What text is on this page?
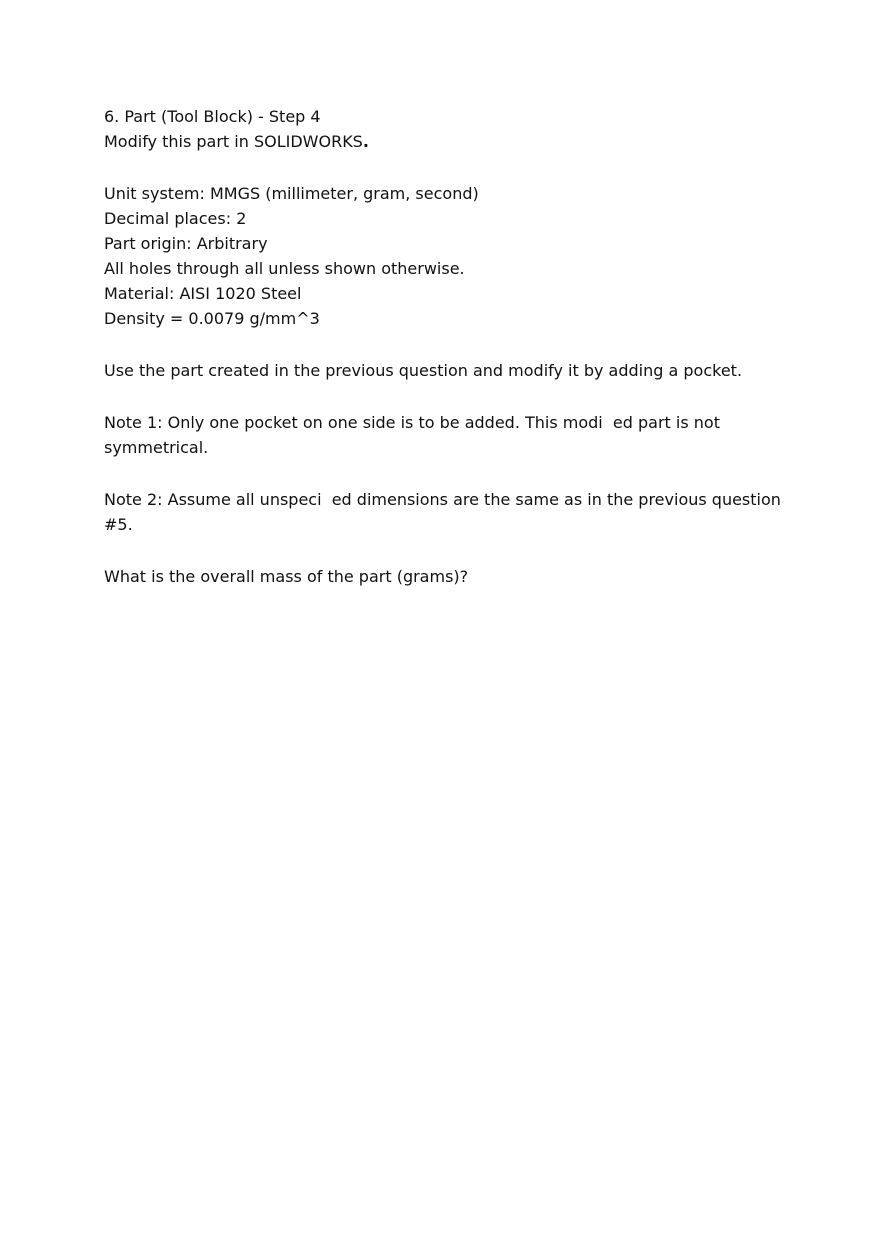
6. Part (Tool Block) - Step 4
Modify this part in SOLIDWORKS.
Unit system: MMGS (millimeter, gram, second)
Decimal places: 2
Part origin: Arbitrary
All holes through all unless shown otherwise.
Material: AISI 1020 Steel
Density = 0.0079 g/mm^3
Use the part created in the previous question and modify it by adding a pocket.
Note 1: Only one pocket on one side is to be added. This modi  ed part is not symmetrical.
Note 2: Assume all unspeci  ed dimensions are the same as in the previous question #5.
What is the overall mass of the part (grams)?
